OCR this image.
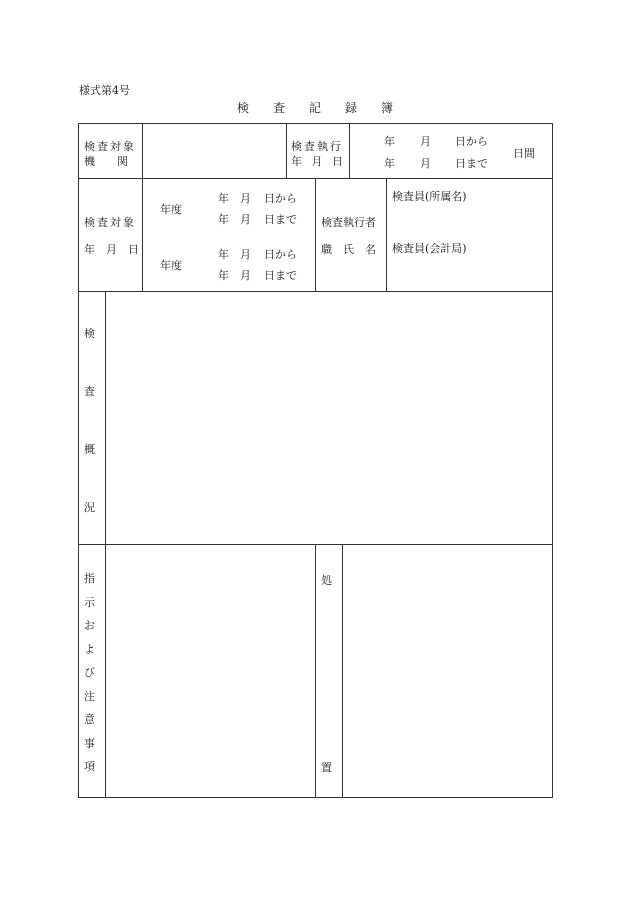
様式第4号
検　　査　　記　　録　　簿
検査対象
機　　関
検査執行
年 月 日
年 月 日から
年 月 日まで
日間
検査対象
年　月　日
年度
年 月 日から
年 月 日まで
年度
年 月 日から
年 月 日まで
検査執行者
職　氏　名
検査員(所属名)
検査員(会計局)
検
査
概
況
指
示
お
よ
び
注
意
事
項
処
置
